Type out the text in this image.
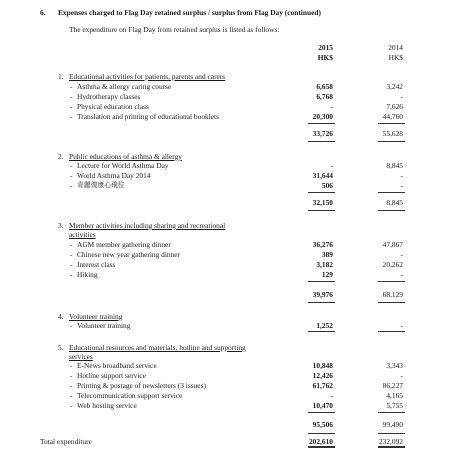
6. Expenses charged to Flag Day retained surplus / surplus from Flag Day (continued)
The expenditure on Flag Day from retained surplus is listed as follows:
2015
HK$
2014
HK$
1. Educational activities for patients, parents and carers
- Asthma & allergy caring course	6,658	3,242
- Hydrotherapy classes	6,768	-
- Physical education class	-	7,626
- Translation and printing of educational booklets	20,300	44,760
33,726	55,628
2. Public educations of asthma & allergy
- Lecture for World Asthma Day	-	8,845
- World Asthma Day 2014	31,644	-
- 肯麗復康心飛位	506	-
32,150	8,845
3. Member activities including sharing and recreational
activities
- AGM member gathering dinner	36,276	47,867
- Chinese new year gathering dinner	389	-
- Interest class	3,182	20,262
- Hiking	129	-
39,976	68,129
4. Volunteer training
- Volunteer training	1,252	-
5. Educational resources and materials, hotline and supporting
services
- E-News broadband service	10,848	3,343
- Hotline support service	12,426	-
- Printing & postage of newsletters (3 issues)	61,762	86,227
- Telecommunication support service	-	4,165
- Web hosting service	10,470	5,755
95,506	99,490
Total expenditure	202,610	232,092
